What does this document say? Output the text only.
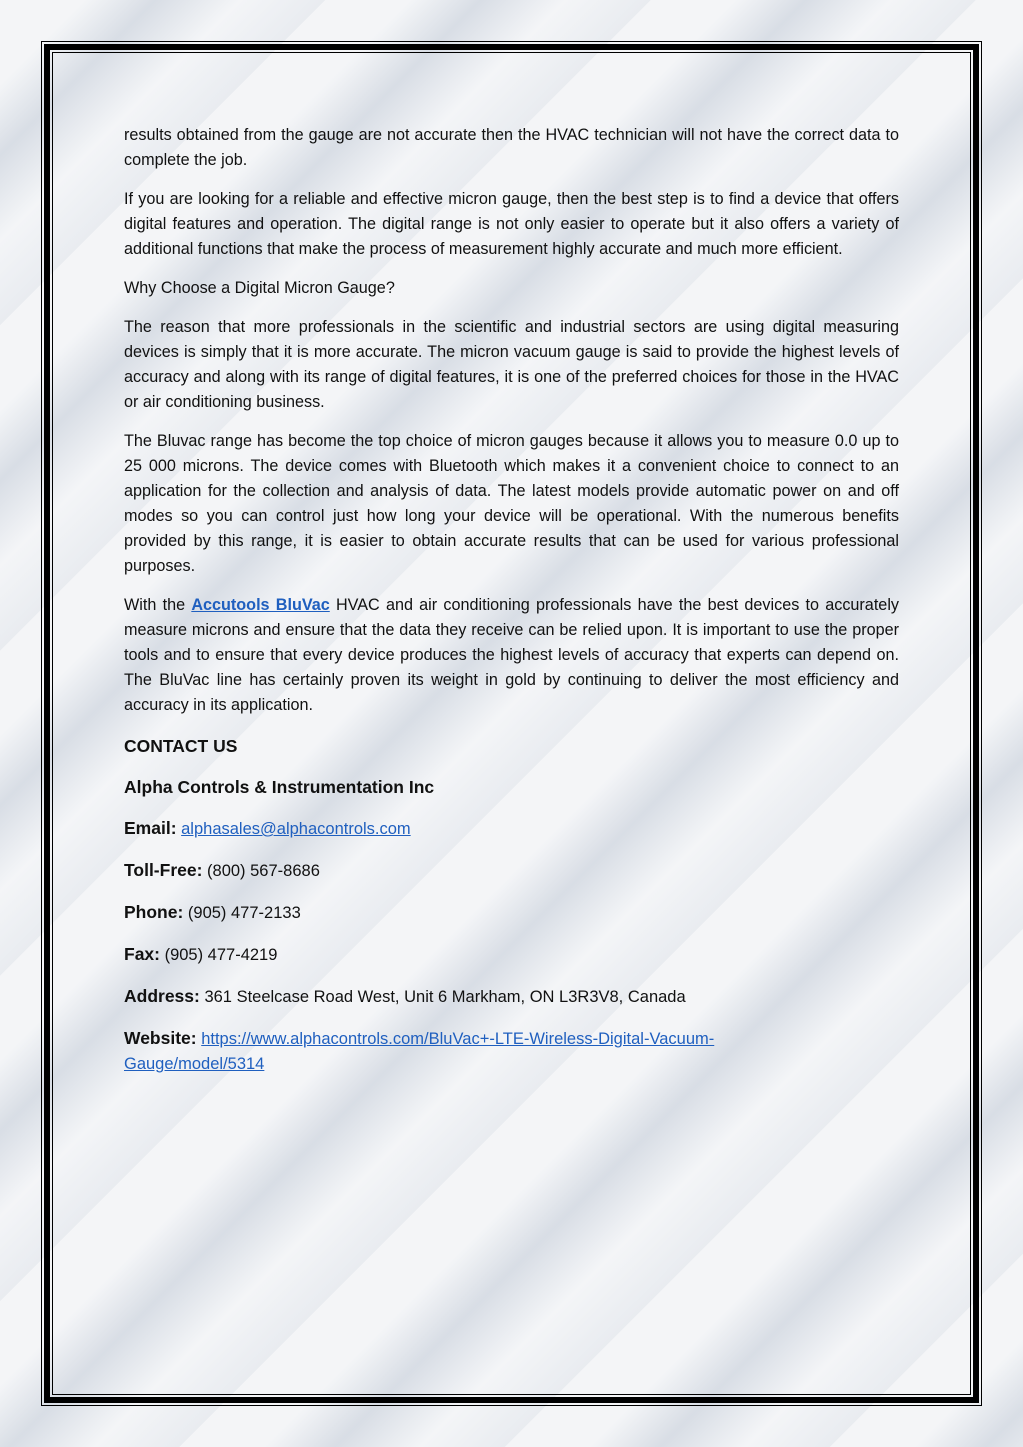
results obtained from the gauge are not accurate then the HVAC technician will not have the correct data to complete the job.

If you are looking for a reliable and effective micron gauge, then the best step is to find a device that offers digital features and operation. The digital range is not only easier to operate but it also offers a variety of additional functions that make the process of measurement highly accurate and much more efficient.

Why Choose a Digital Micron Gauge?

The reason that more professionals in the scientific and industrial sectors are using digital measuring devices is simply that it is more accurate. The micron vacuum gauge is said to provide the highest levels of accuracy and along with its range of digital features, it is one of the preferred choices for those in the HVAC or air conditioning business.

The Bluvac range has become the top choice of micron gauges because it allows you to measure 0.0 up to 25 000 microns. The device comes with Bluetooth which makes it a convenient choice to connect to an application for the collection and analysis of data. The latest models provide automatic power on and off modes so you can control just how long your device will be operational. With the numerous benefits provided by this range, it is easier to obtain accurate results that can be used for various professional purposes.

With the Accutools BluVac HVAC and air conditioning professionals have the best devices to accurately measure microns and ensure that the data they receive can be relied upon. It is important to use the proper tools and to ensure that every device produces the highest levels of accuracy that experts can depend on. The BluVac line has certainly proven its weight in gold by continuing to deliver the most efficiency and accuracy in its application.

CONTACT US
Alpha Controls & Instrumentation Inc
Email: alphasales@alphacontrols.com
Toll-Free: (800) 567-8686
Phone: (905) 477-2133
Fax: (905) 477-4219
Address: 361 Steelcase Road West, Unit 6 Markham, ON L3R3V8, Canada
Website: https://www.alphacontrols.com/BluVac+-LTE-Wireless-Digital-Vacuum-
Gauge/model/5314
